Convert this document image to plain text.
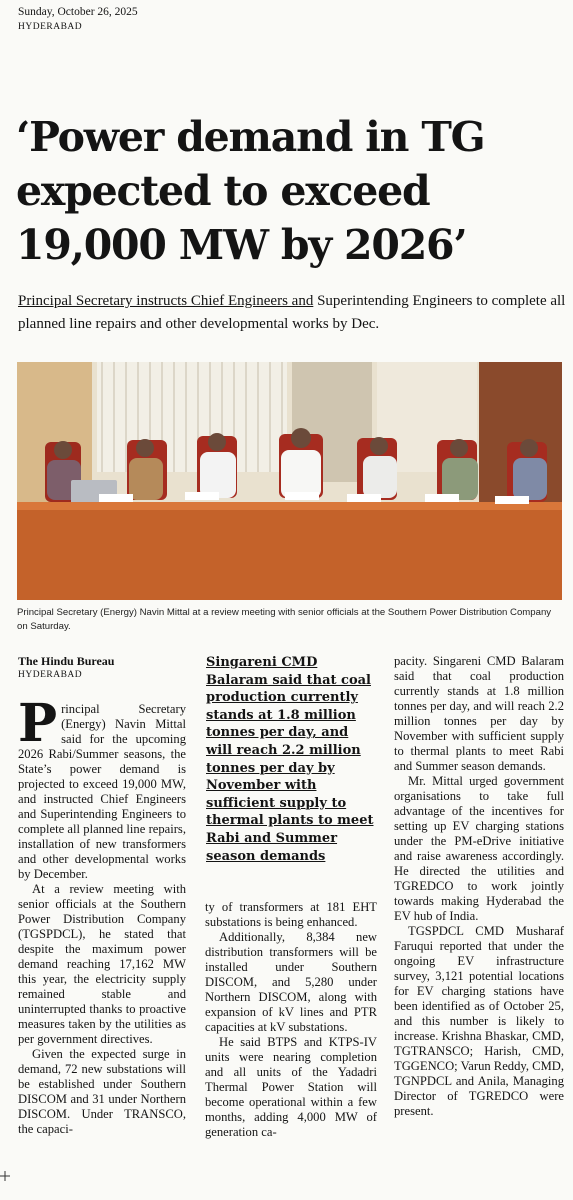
Sunday, October 26, 2025
HYDERABAD
‘Power demand in TG
expected to exceed
19,000 MW by 2026’
Principal Secretary instructs Chief Engineers and Superintending Engineers to complete all planned line repairs and other developmental works by Dec.
Principal Secretary (Energy) Navin Mittal at a review meeting with senior officials at the Southern Power Distribution Company on Saturday.
The Hindu Bureau
HYDERABAD
P rincipal Secretary (Energy) Navin Mittal said for the upcoming 2026 Rabi/Summer seasons, the State’s power demand is projected to exceed 19,000 MW, and instructed Chief Engineers and Superintending Engineers to complete all planned line repairs, installation of new transformers and other developmental works by December.

At a review meeting with senior officials at the Southern Power Distribution Company (TGSPDCL), he stated that despite the maximum power demand reaching 17,162 MW this year, the electricity supply remained stable and uninterrupted thanks to proactive measures taken by the utilities as per government directives.

Given the expected surge in demand, 72 new substations will be established under Southern DISCOM and 31 under Northern DISCOM. Under TRANSCO, the capaci-

Singareni CMD Balaram said that coal production currently stands at 1.8 million tonnes per day, and will reach 2.2 million tonnes per day by November with sufficient supply to thermal plants to meet Rabi and Summer season demands

ty of transformers at 181 EHT substations is being enhanced.

Additionally, 8,384 new distribution transformers will be installed under Southern DISCOM, and 5,280 under Northern DISCOM, along with expansion of kV lines and PTR capacities at kV substations.

He said BTPS and KTPS-IV units were nearing completion and all units of the Yadadri Thermal Power Station will become operational within a few months, adding 4,000 MW of generation ca-

pacity. Singareni CMD Balaram said that coal production currently stands at 1.8 million tonnes per day, and will reach 2.2 million tonnes per day by November with sufficient supply to thermal plants to meet Rabi and Summer season demands.

Mr. Mittal urged government organisations to take full advantage of the incentives for setting up EV charging stations under the PM-eDrive initiative and raise awareness accordingly. He directed the utilities and TGREDCO to work jointly towards making Hyderabad the EV hub of India.

TGSPDCL CMD Musharaf Faruqui reported that under the ongoing EV infrastructure survey, 3,121 potential locations for EV charging stations have been identified as of October 25, and this number is likely to increase. Krishna Bhaskar, CMD, TGTRANSCO; Harish, CMD, TGGENCO; Varun Reddy, CMD, TGNPDCL and Anila, Managing Director of TGREDCO were present.
